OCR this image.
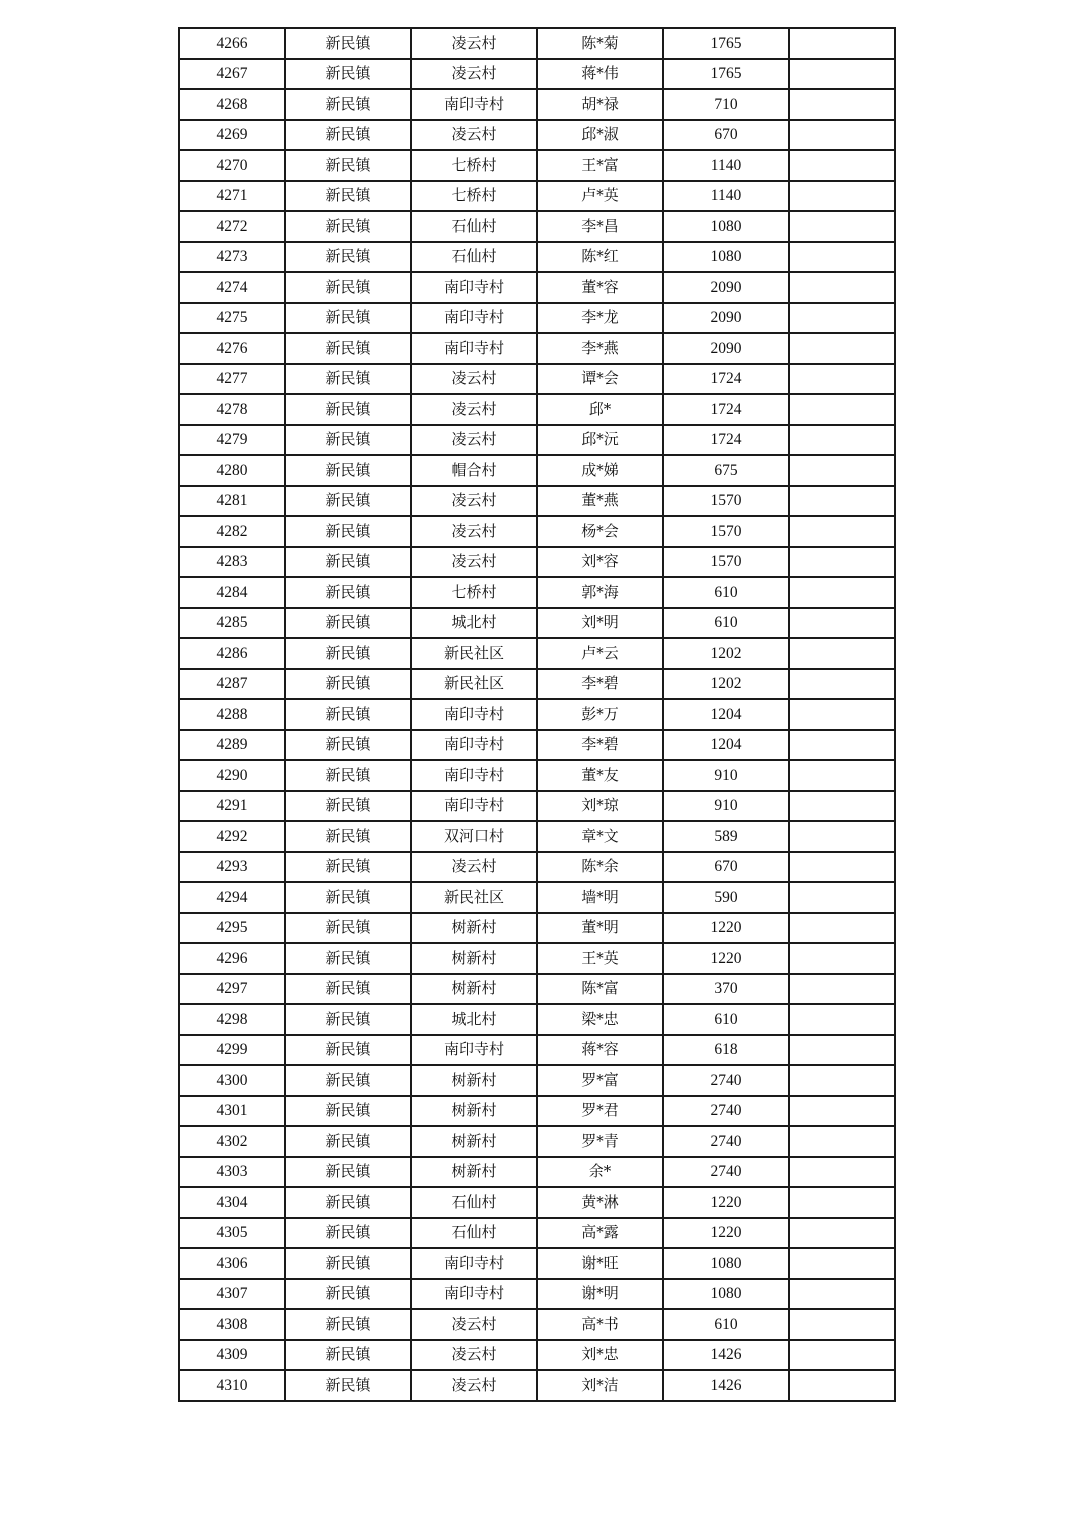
4266	新民镇	凌云村	陈*菊	1765	
4267	新民镇	凌云村	蒋*伟	1765	
4268	新民镇	南印寺村	胡*禄	710	
4269	新民镇	凌云村	邱*淑	670	
4270	新民镇	七桥村	王*富	1140	
4271	新民镇	七桥村	卢*英	1140	
4272	新民镇	石仙村	李*昌	1080	
4273	新民镇	石仙村	陈*红	1080	
4274	新民镇	南印寺村	董*容	2090	
4275	新民镇	南印寺村	李*龙	2090	
4276	新民镇	南印寺村	李*燕	2090	
4277	新民镇	凌云村	谭*会	1724	
4278	新民镇	凌云村	邱*	1724	
4279	新民镇	凌云村	邱*沅	1724	
4280	新民镇	帽合村	成*娣	675	
4281	新民镇	凌云村	董*燕	1570	
4282	新民镇	凌云村	杨*会	1570	
4283	新民镇	凌云村	刘*容	1570	
4284	新民镇	七桥村	郭*海	610	
4285	新民镇	城北村	刘*明	610	
4286	新民镇	新民社区	卢*云	1202	
4287	新民镇	新民社区	李*碧	1202	
4288	新民镇	南印寺村	彭*万	1204	
4289	新民镇	南印寺村	李*碧	1204	
4290	新民镇	南印寺村	董*友	910	
4291	新民镇	南印寺村	刘*琼	910	
4292	新民镇	双河口村	章*文	589	
4293	新民镇	凌云村	陈*余	670	
4294	新民镇	新民社区	墙*明	590	
4295	新民镇	树新村	董*明	1220	
4296	新民镇	树新村	王*英	1220	
4297	新民镇	树新村	陈*富	370	
4298	新民镇	城北村	梁*忠	610	
4299	新民镇	南印寺村	蒋*容	618	
4300	新民镇	树新村	罗*富	2740	
4301	新民镇	树新村	罗*君	2740	
4302	新民镇	树新村	罗*青	2740	
4303	新民镇	树新村	余*	2740	
4304	新民镇	石仙村	黄*淋	1220	
4305	新民镇	石仙村	高*露	1220	
4306	新民镇	南印寺村	谢*旺	1080	
4307	新民镇	南印寺村	谢*明	1080	
4308	新民镇	凌云村	高*书	610	
4309	新民镇	凌云村	刘*忠	1426	
4310	新民镇	凌云村	刘*洁	1426	
